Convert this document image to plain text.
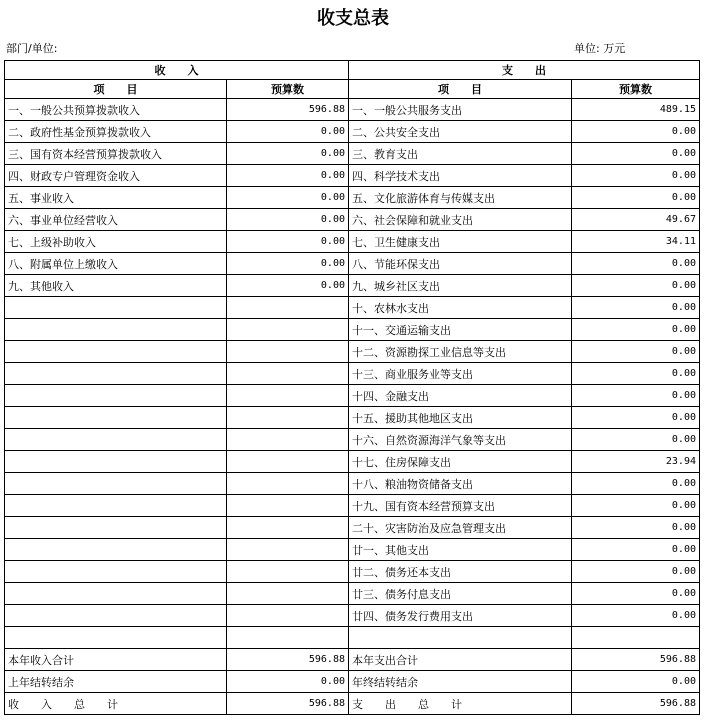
收支总表
部门/单位:	单位: 万元
收　　入		支　　出	
项　　目	预算数	项　　目	预算数
一、一般公共预算拨款收入	596.88	一、一般公共服务支出	489.15
二、政府性基金预算拨款收入	0.00	二、公共安全支出	0.00
三、国有资本经营预算拨款收入	0.00	三、教育支出	0.00
四、财政专户管理资金收入	0.00	四、科学技术支出	0.00
五、事业收入	0.00	五、文化旅游体育与传媒支出	0.00
六、事业单位经营收入	0.00	六、社会保障和就业支出	49.67
七、上级补助收入	0.00	七、卫生健康支出	34.11
八、附属单位上缴收入	0.00	八、节能环保支出	0.00
九、其他收入	0.00	九、城乡社区支出	0.00
		十、农林水支出	0.00
		十一、交通运输支出	0.00
		十二、资源勘探工业信息等支出	0.00
		十三、商业服务业等支出	0.00
		十四、金融支出	0.00
		十五、援助其他地区支出	0.00
		十六、自然资源海洋气象等支出	0.00
		十七、住房保障支出	23.94
		十八、粮油物资储备支出	0.00
		十九、国有资本经营预算支出	0.00
		二十、灾害防治及应急管理支出	0.00
		廿一、其他支出	0.00
		廿二、债务还本支出	0.00
		廿三、债务付息支出	0.00
		廿四、债务发行费用支出	0.00

本年收入合计	596.88	本年支出合计	596.88
上年结转结余	0.00	年终结转结余	0.00
收　　入　　总　　计	596.88	支　　出　　总　　计	596.88
